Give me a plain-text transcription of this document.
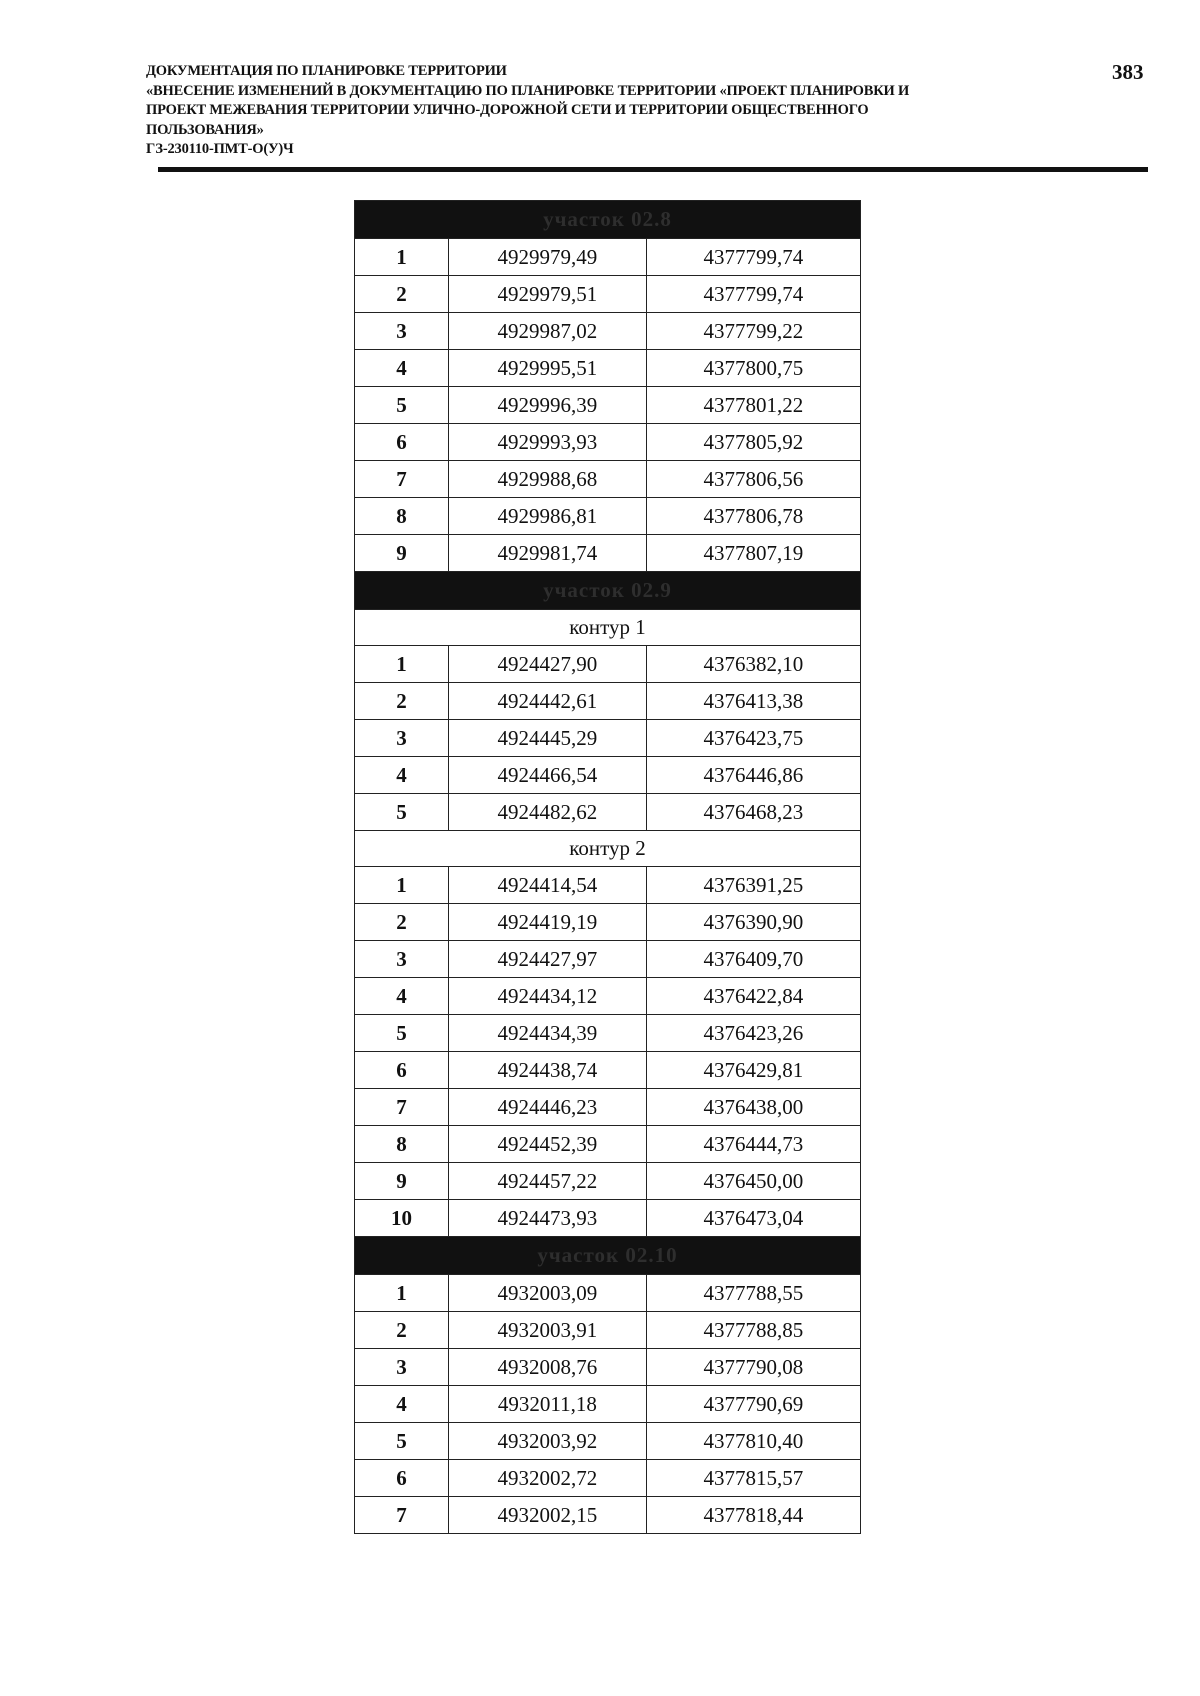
ДОКУМЕНТАЦИЯ ПО ПЛАНИРОВКЕ ТЕРРИТОРИИ
«ВНЕСЕНИЕ ИЗМЕНЕНИЙ В ДОКУМЕНТАЦИЮ ПО ПЛАНИРОВКЕ ТЕРРИТОРИИ «ПРОЕКТ ПЛАНИРОВКИ И
ПРОЕКТ МЕЖЕВАНИЯ ТЕРРИТОРИИ УЛИЧНО-ДОРОЖНОЙ СЕТИ И ТЕРРИТОРИИ ОБЩЕСТВЕННОГО
ПОЛЬЗОВАНИЯ»
ГЗ-230110-ПМТ-О(У)Ч
383
участок 02.8		
1	4929979,49	4377799,74
2	4929979,51	4377799,74
3	4929987,02	4377799,22
4	4929995,51	4377800,75
5	4929996,39	4377801,22
6	4929993,93	4377805,92
7	4929988,68	4377806,56
8	4929986,81	4377806,78
9	4929981,74	4377807,19
участок 02.9		
контур 1		
1	4924427,90	4376382,10
2	4924442,61	4376413,38
3	4924445,29	4376423,75
4	4924466,54	4376446,86
5	4924482,62	4376468,23
контур 2		
1	4924414,54	4376391,25
2	4924419,19	4376390,90
3	4924427,97	4376409,70
4	4924434,12	4376422,84
5	4924434,39	4376423,26
6	4924438,74	4376429,81
7	4924446,23	4376438,00
8	4924452,39	4376444,73
9	4924457,22	4376450,00
10	4924473,93	4376473,04
участок 02.10		
1	4932003,09	4377788,55
2	4932003,91	4377788,85
3	4932008,76	4377790,08
4	4932011,18	4377790,69
5	4932003,92	4377810,40
6	4932002,72	4377815,57
7	4932002,15	4377818,44
